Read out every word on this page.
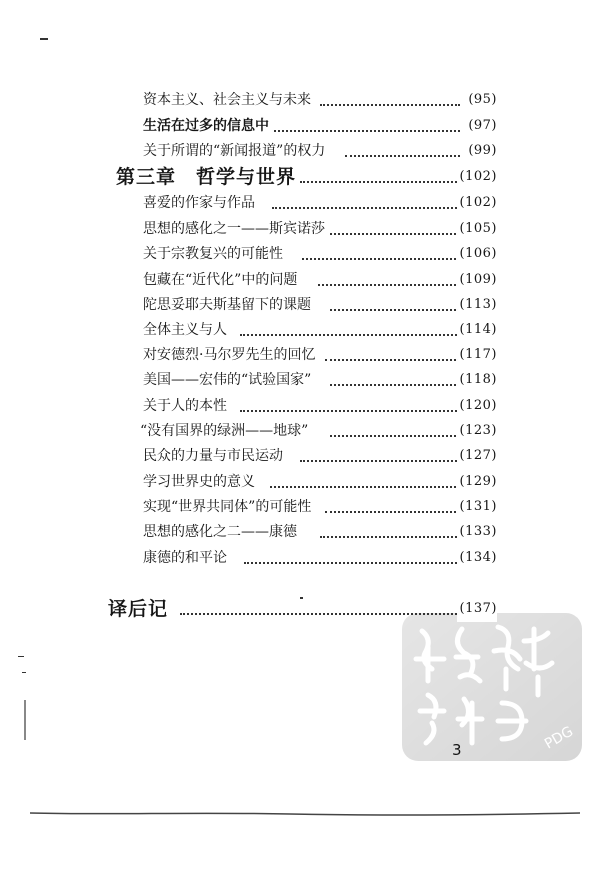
资本主义、社会主义与未来	(95)
生活在过多的信息中	(97)
关于所谓的“新闻报道”的权力	(99)
第三章　哲学与世界	(102)
喜爱的作家与作品	(102)
思想的感化之一——斯宾诺莎	(105)
关于宗教复兴的可能性	(106)
包藏在“近代化”中的问题	(109)
陀思妥耶夫斯基留下的课题	(113)
全体主义与人	(114)
对安德烈·马尔罗先生的回忆	(117)
美国——宏伟的“试验国家”	(118)
关于人的本性	(120)
“没有国界的绿洲——地球”	(123)
民众的力量与市民运动	(127)
学习世界史的意义	(129)
实现“世界共同体”的可能性	(131)
思想的感化之二——康德	(133)
康德的和平论	(134)
译后记	(137)
PDG
3
